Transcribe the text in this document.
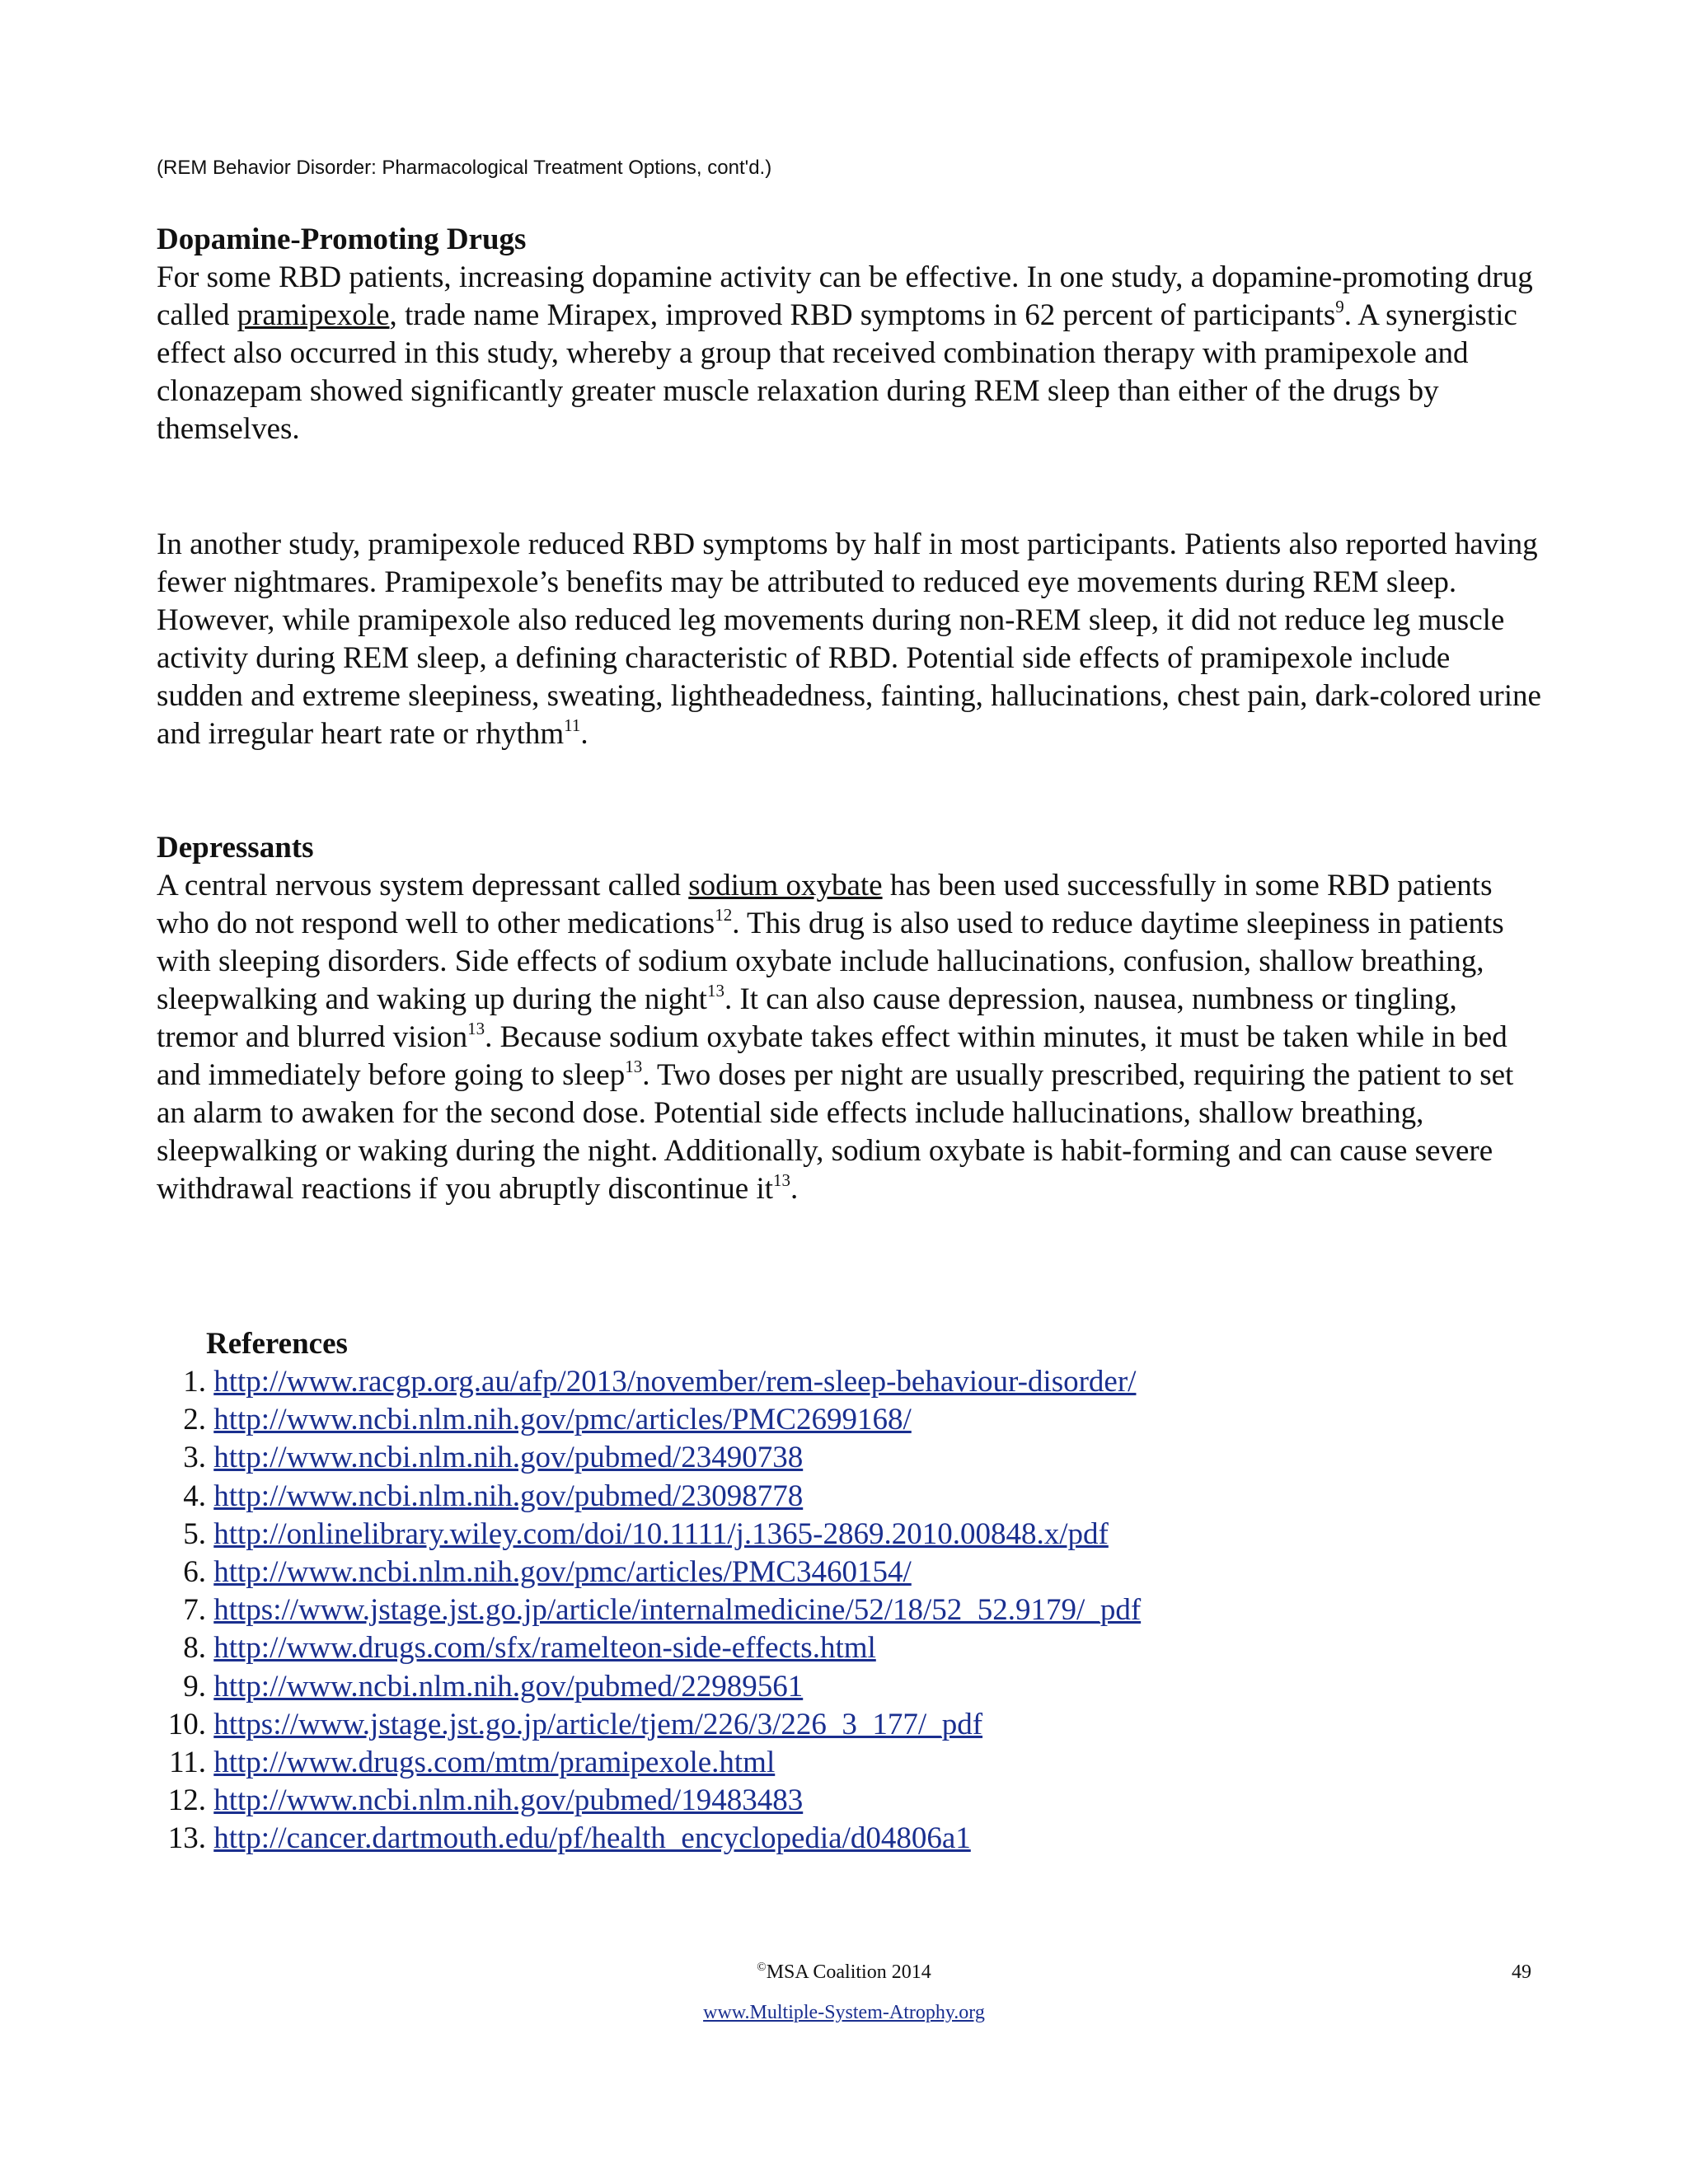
(REM Behavior Disorder: Pharmacological Treatment Options, cont'd.)
Dopamine-Promoting Drugs

For some RBD patients, increasing dopamine activity can be effective. In one study, a dopamine-promoting drug called pramipexole, trade name Mirapex, improved RBD symptoms in 62 percent of participants$^9$. A synergistic effect also occurred in this study, whereby a group that received combination therapy with pramipexole and clonazepam showed significantly greater muscle relaxation during REM sleep than either of the drugs by themselves.

In another study, pramipexole reduced RBD symptoms by half in most participants. Patients also reported having fewer nightmares. Pramipexole’s benefits may be attributed to reduced eye movements during REM sleep. However, while pramipexole also reduced leg movements during non-REM sleep, it did not reduce leg muscle activity during REM sleep, a defining characteristic of RBD. Potential side effects of pramipexole include sudden and extreme sleepiness, sweating, lightheadedness, fainting, hallucinations, chest pain, dark-colored urine and irregular heart rate or rhythm$^{11}$.

Depressants

A central nervous system depressant called sodium oxybate has been used successfully in some RBD patients who do not respond well to other medications$^{12}$. This drug is also used to reduce daytime sleepiness in patients with sleeping disorders. Side effects of sodium oxybate include hallucinations, confusion, shallow breathing, sleepwalking and waking up during the night$^{13}$. It can also cause depression, nausea, numbness or tingling, tremor and blurred vision$^{13}$. Because sodium oxybate takes effect within minutes, it must be taken while in bed and immediately before going to sleep$^{13}$. Two doses per night are usually prescribed, requiring the patient to set an alarm to awaken for the second dose. Potential side effects include hallucinations, shallow breathing, sleepwalking or waking during the night. Additionally, sodium oxybate is habit-forming and can cause severe withdrawal reactions if you abruptly discontinue $it^{13}$.

References
1.
http://www.racgp.org.au/afp/2013/november/rem-sleep-behaviour-disorder/
2.
http://www.ncbi.nlm.nih.gov/pmc/articles/PMC2699168/
3.
http://www.ncbi.nlm.nih.gov/pubmed/23490738
4.
http://www.ncbi.nlm.nih.gov/pubmed/23098778
5.
http://onlinelibrary.wiley.com/doi/10.1111/j.1365-2869.2010.00848.x/pdf
6.
http://www.ncbi.nlm.nih.gov/pmc/articles/PMC3460154/
7.
https://www.jstage.jst.go.jp/article/internalmedicine/52/18/52_52.9179/_pdf
8.
http://www.drugs.com/sfx/ramelteon-side-effects.html
9.
http://www.ncbi.nlm.nih.gov/pubmed/22989561
10.
https://www.jstage.jst.go.jp/article/tjem/226/3/226_3_177/_pdf
11.
http://www.drugs.com/mtm/pramipexole.html
12.
http://www.ncbi.nlm.nih.gov/pubmed/19483483
13.
http://cancer.dartmouth.edu/pf/health_encyclopedia/d04806a1
©MSA Coalition 2014	49
www.Multiple-System-Atrophy.org
